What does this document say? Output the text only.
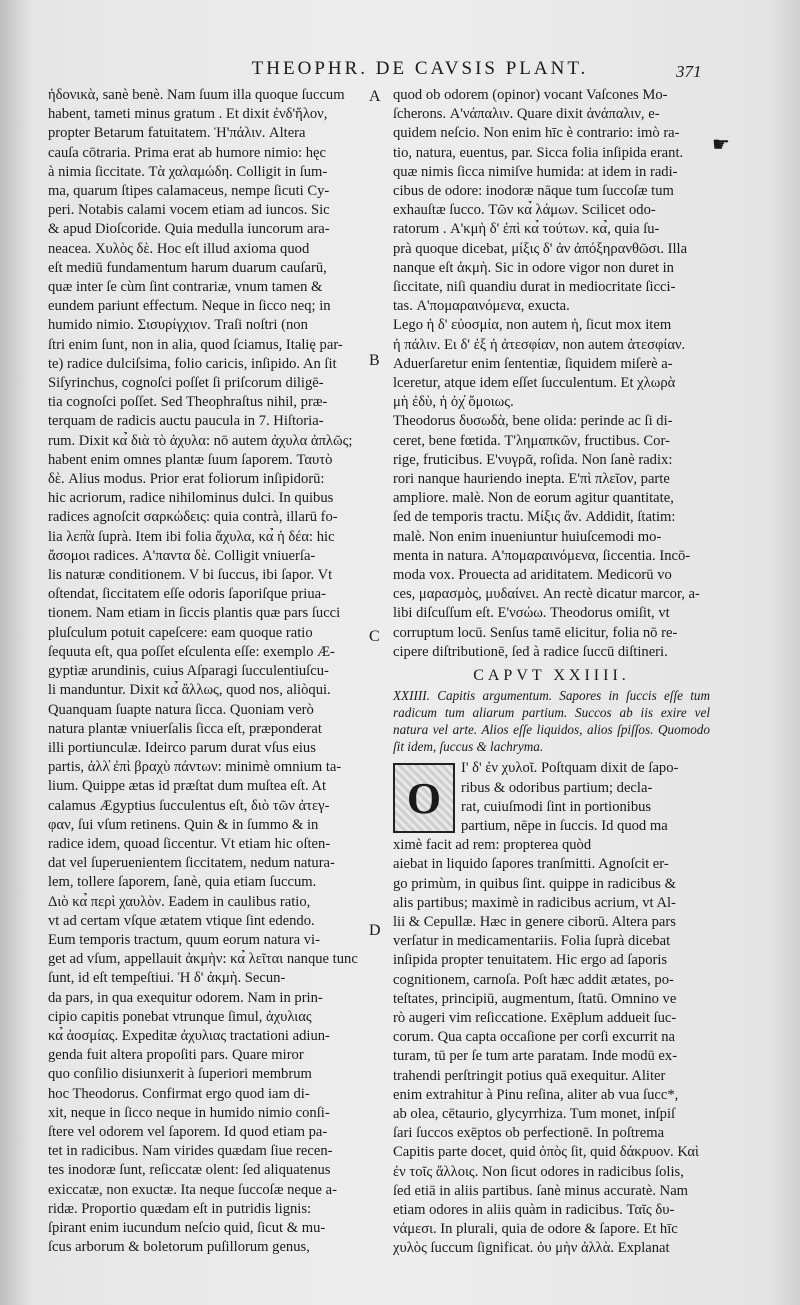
THEOPHR. DE CAVSIS PLANT.	371
☛
A
B
C
D
ἡδονικὰ, sanè benè. Nam ſuum illa quoque ſuccum
habent, tameti minus gratum . Et dixit ἐνδ'ἥλον,
propter Betarum fatuitatem. Ἡ'πάλιν. Altera
cauſa cōtraria. Prima erat ab humore nimio: hęc
à nimia ſiccitate. Τὰ χαλαμώδη. Colligit in ſum-
ma, quarum ſtipes calamaceus, nempe ſicuti Cy-
peri. Notabis calami vocem etiam ad iuncos. Sic
& apud Dioſcoride. Quia medulla iuncorum ara-
neacea. Χυλὸς δὲ. Hoc eſt illud axioma quod
eſt mediū fundamentum harum duarum cauſarū,
quæ inter ſe cùm ſint contrariæ, vnum tamen &
eundem pariunt effectum. Neque in ſicco neq; in
humido nimio. Σισυρίγχιον. Traſi noſtri (non
ſtri enim ſunt, non in alia, quod ſciamus, Italię par-
te) radice dulciſsima, folio caricis, inſipido. An ſit
Siſyrinchus, cognoſci poſſet ſi priſcorum diligē-
tia cognoſci poſſet. Sed Theophraſtus nihil, præ-
terquam de radicis auctu paucula in 7. Hiſtoria-
rum. Dixit κα̉ διὰ τὸ ἀχυλα: nō autem ἀχυλα ἀπλῶς;
habent enim omnes plantæ ſuum ſaporem. Ταυτὸ
δὲ. Alius modus. Prior erat foliorum inſipidorū:
hic acriorum, radice nihilominus dulci. In quibus
radices agnoſcit σαρκώδεις: quia contrà, illarū fo-
lia λεπ̓ὰ ſuprà. Item ibi folia ἄχυλα, κα̉ ἡ δέα: hic
ἄσομοι radices. Α'παντα δὲ. Colligit vniuerſa-
lis naturæ conditionem. V bi ſuccus, ibi ſapor. Vt
oſtendat, ſiccitatem eſſe odoris ſaporiſque priua-
tionem. Nam etiam in ſiccis plantis quæ pars ſucci
pluſculum potuit capeſcere: eam quoque ratio
ſequuta eſt, qua poſſet eſculenta eſſe: exemplo Æ-
gyptiæ arundinis, cuius Aſparagi ſucculentiuſcu-
li manduntur. Dixit κα̉ ἄλλως, quod nos, aliòqui.
Quanquam ſuapte natura ſicca. Quoniam verò
natura plantæ vniuerſalis ſicca eſt, præponderat
illi portiunculæ. Ideirco parum durat vſus eius
partis, ἀλλ̓ ἐπὶ βραχὺ πάντων: minimè omnium ta-
lium. Quippe ætas id præſtat dum muſtea eſt. At
calamus Ægyptius ſucculentus eſt, διὸ τῶν ἀτεγ-
φαν, ſui vſum retinens. Quin & in ſummo & in
radice idem, quoad ſiccentur. Vt etiam hic oſten-
dat vel ſuperuenientem ſiccitatem, nedum natura-
lem, tollere ſaporem, ſanè, quia etiam ſuccum.
Διὸ κα̉ περὶ χαυλὸν. Eadem in caulibus ratio,
vt ad certam vſque ætatem vtique ſint edendo.
Eum temporis tractum, quum eorum natura vi-
get ad vſum, appellauit ἀκμὴν: κα̉ λεῖται nanque tunc
ſunt, id eſt tempeſtiui. Ἠ δ' ἀκμὴ. Secun-
da pars, in qua exequitur odorem. Nam in prin-
cipio capitis ponebat vtrunque ſimul, ἀχυλιας
κα̉ ἀοσμίας. Expeditæ ἀχυλιας tractationi adiun-
genda fuit altera propoſiti pars. Quare miror
quo conſilio disiunxerit à ſuperiori membrum
hoc Theodorus. Confirmat ergo quod iam di-
xit, neque in ſicco neque in humido nimio conſi-
ſtere vel odorem vel ſaporem. Id quod etiam pa-
tet in radicibus. Nam virides quædam ſiue recen-
tes inodoræ ſunt, reſiccatæ olent: ſed aliquatenus
exiccatæ, non exuctæ. Ita neque ſuccoſæ neque a-
ridæ. Proportio quædam eſt in putridis lignis:
ſpirant enim iucundum neſcio quid, ſicut & mu-
ſcus arborum & boletorum puſillorum genus,
quod ob odorem (opinor) vocant Vaſcones Mo-
ſcherons. Α'νάπαλιν. Quare dixit ἀνάπαλιν, e-
quidem neſcio. Non enim hīc è contrario: imò ra-
tio, natura, euentus, par. Sicca folia inſipida erant.
quæ nimis ſicca nimiſve humida: at idem in radi-
cibus de odore: inodoræ nāque tum ſuccoſæ tum
exhauſtæ ſucco. Τῶν κα̉ λάμων. Scilicet odo-
ratorum . Α'κμὴ δ' ἐπὶ κα̉ τούτων. κα̉, quia ſu-
prà quoque dicebat, μίξις δ' ἀν ἀπόξηρανθῶσι. Illa
nanque eſt ἀκμὴ. Sic in odore vigor non duret in
ſiccitate, niſi quandiu durat in mediocritate ſicci-
tas. Α'πομαραινόμενα, exucta.
Lego ἡ δ' εὐοσμία, non autem ἡ, ſicut mox item
ἡ πάλιν. Ει δ' ἐξ ἡ ἀτεσφίαν, non autem ἀτεσφίαν.
Aduerſaretur enim ſententiæ, ſiquidem miſerè a-
lceretur, atque idem eſſet ſucculentum. Et χλωρὰ
μὴ ἐδὺ, ἡ ὀχ̓ ὅμοιως.
Theodorus δυσωδὰ, bene olida: perinde ac ſi di-
ceret, bene fœtida. Τ'λημαπκῶν, fructibus. Cor-
rige, fruticibus. Ε'νυγρᾶ, roſida. Non ſanè radix:
rori nanque hauriendo inepta. Ε'πὶ πλεῖον, parte
ampliore. malè. Non de eorum agitur quantitate,
ſed de temporis tractu. Μίξις ἄν. Addidit, ſtatim:
malè. Non enim inueniuntur huiuſcemodi mo-
menta in natura. Α'πομαραινόμενα, ſiccentia. Incō-
moda vox. Prouecta ad ariditatem. Medicorū vo
ces, μαρασμὸς, μυδαίνει. An rectè dicatur marcor, a-
libi diſcuſſum eſt. Ε'νσώω. Theodorus omiſit, vt
corruptum locū. Senſus tamē elicitur, folia nō re-
cipere diſtributionē, ſed à radice ſuccū diſtineri.
CAPVT XXIIII.
XXIIII. Capitis argumentum. Sapores in ſuccis eſſe tum radicum tum aliarum partium. Succos ab iis exire vel natura vel arte. Alios eſſe liquidos, alios ſpiſſos. Quomodo ſit idem, ſuccus & lachryma.
O
Ι' δ' ἐν χυλοῖ. Poſtquam dixit de ſapo-
ribus & odoribus partium; decla-
rat, cuiuſmodi ſint in portionibus
partium, nēpe in ſuccis. Id quod ma
ximè facit ad rem: propterea quòd
aiebat in liquido ſapores tranſmitti. Agnoſcit er-
go primùm, in quibus ſint. quippe in radicibus &
alis partibus; maximè in radicibus acrium, vt Al-
lii & Cepullæ. Hæc in genere ciborū. Altera pars
verſatur in medicamentariis. Folia ſuprà dicebat
inſipida propter tenuitatem. Hic ergo ad ſaporis
cognitionem, carnoſa. Poſt hæc addit ætates, po-
teſtates, principiū, augmentum, ſtatū. Omnino ve
rò augeri vim reſiccatione. Exēplum addueit ſuc-
corum. Qua capta occaſione per corſi excurrit na
turam, tū per ſe tum arte paratam. Inde modū ex-
trahendi perſtringit potius quā exequitur. Aliter
enim extrahitur à Pinu reſina, aliter ab vua ſucc*,
ab olea, cētaurio, glycyrrhiza. Tum monet, inſpiſ
ſari ſuccos exēptos ob perfectionē. In poſtrema
Capitis parte docet, quid ὀπὸς ſit, quid δάκρυον. Καὶ
ἐν τοῖς ἄλλοις. Non ſicut odores in radicibus ſolis,
ſed etiā in aliis partibus. ſanè minus accuratè. Nam
etiam odores in aliis quàm in radicibus. Ταῖς δυ-
νάμεσι. In plurali, quia de odore & ſapore. Et hīc
χυλὸς ſuccum ſignificat. ὀυ μὴν ἀλλὰ. Explanat
